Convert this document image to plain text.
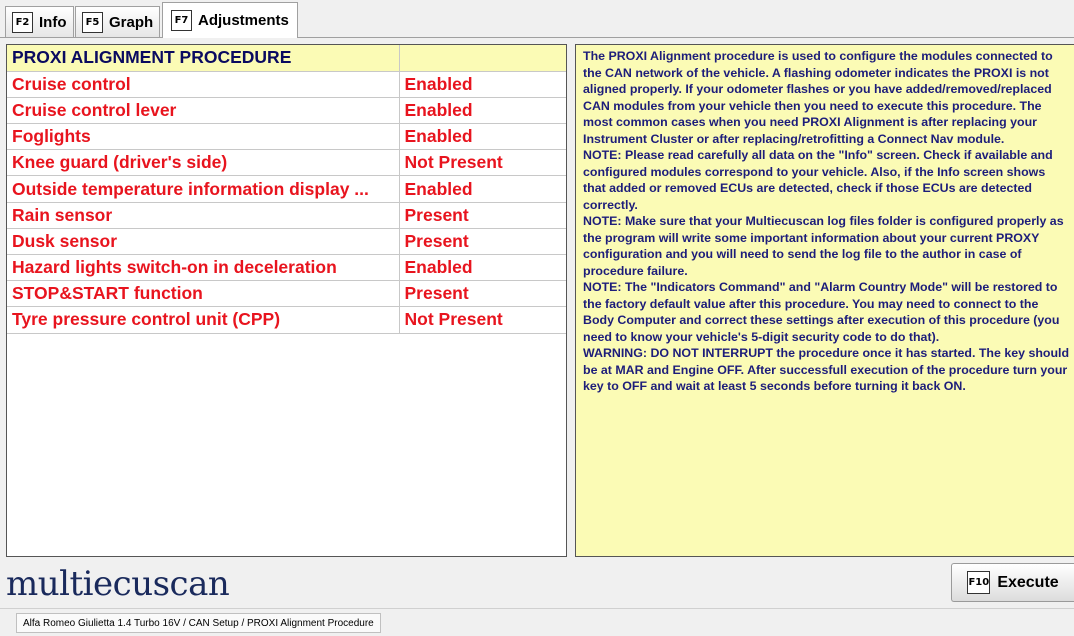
F2 Info	F5 Graph	F7 Adjustments
PROXI ALIGNMENT PROCEDURE	
Cruise control	Enabled
Cruise control lever	Enabled
Foglights	Enabled
Knee guard (driver's side)	Not Present
Outside temperature information display ...	Enabled
Rain sensor	Present
Dusk sensor	Present
Hazard lights switch-on in deceleration	Enabled
STOP&START function	Present
Tyre pressure control unit (CPP)	Not Present

The PROXI Alignment procedure is used to configure the modules connected to the CAN network of the vehicle. A flashing odometer indicates the PROXI is not aligned properly. If your odometer flashes or you have added/removed/replaced CAN modules from your vehicle then you need to execute this procedure. The most common cases when you need PROXI Alignment is after replacing your Instrument Cluster or after replacing/retrofitting a Connect Nav module.

NOTE: Please read carefully all data on the "Info" screen. Check if available and configured modules correspond to your vehicle. Also, if the Info screen shows that added or removed ECUs are detected, check if those ECUs are detected correctly.

NOTE: Make sure that your Multiecuscan log files folder is configured properly as the program will write some important information about your current PROXY configuration and you will need to send the log file to the author in case of procedure failure.

NOTE: The "Indicators Command" and "Alarm Country Mode" will be restored to the factory default value after this procedure. You may need to connect to the Body Computer and correct these settings after execution of this procedure (you need to know your vehicle's 5-digit security code to do that).

WARNING: DO NOT INTERRUPT the procedure once it has started. The key should be at MAR and Engine OFF. After successfull execution of the procedure turn your key to OFF and wait at least 5 seconds before turning it back ON.

multiecuscan	F10 Execute
Alfa Romeo Giulietta 1.4 Turbo 16V / CAN Setup / PROXI Alignment Procedure
